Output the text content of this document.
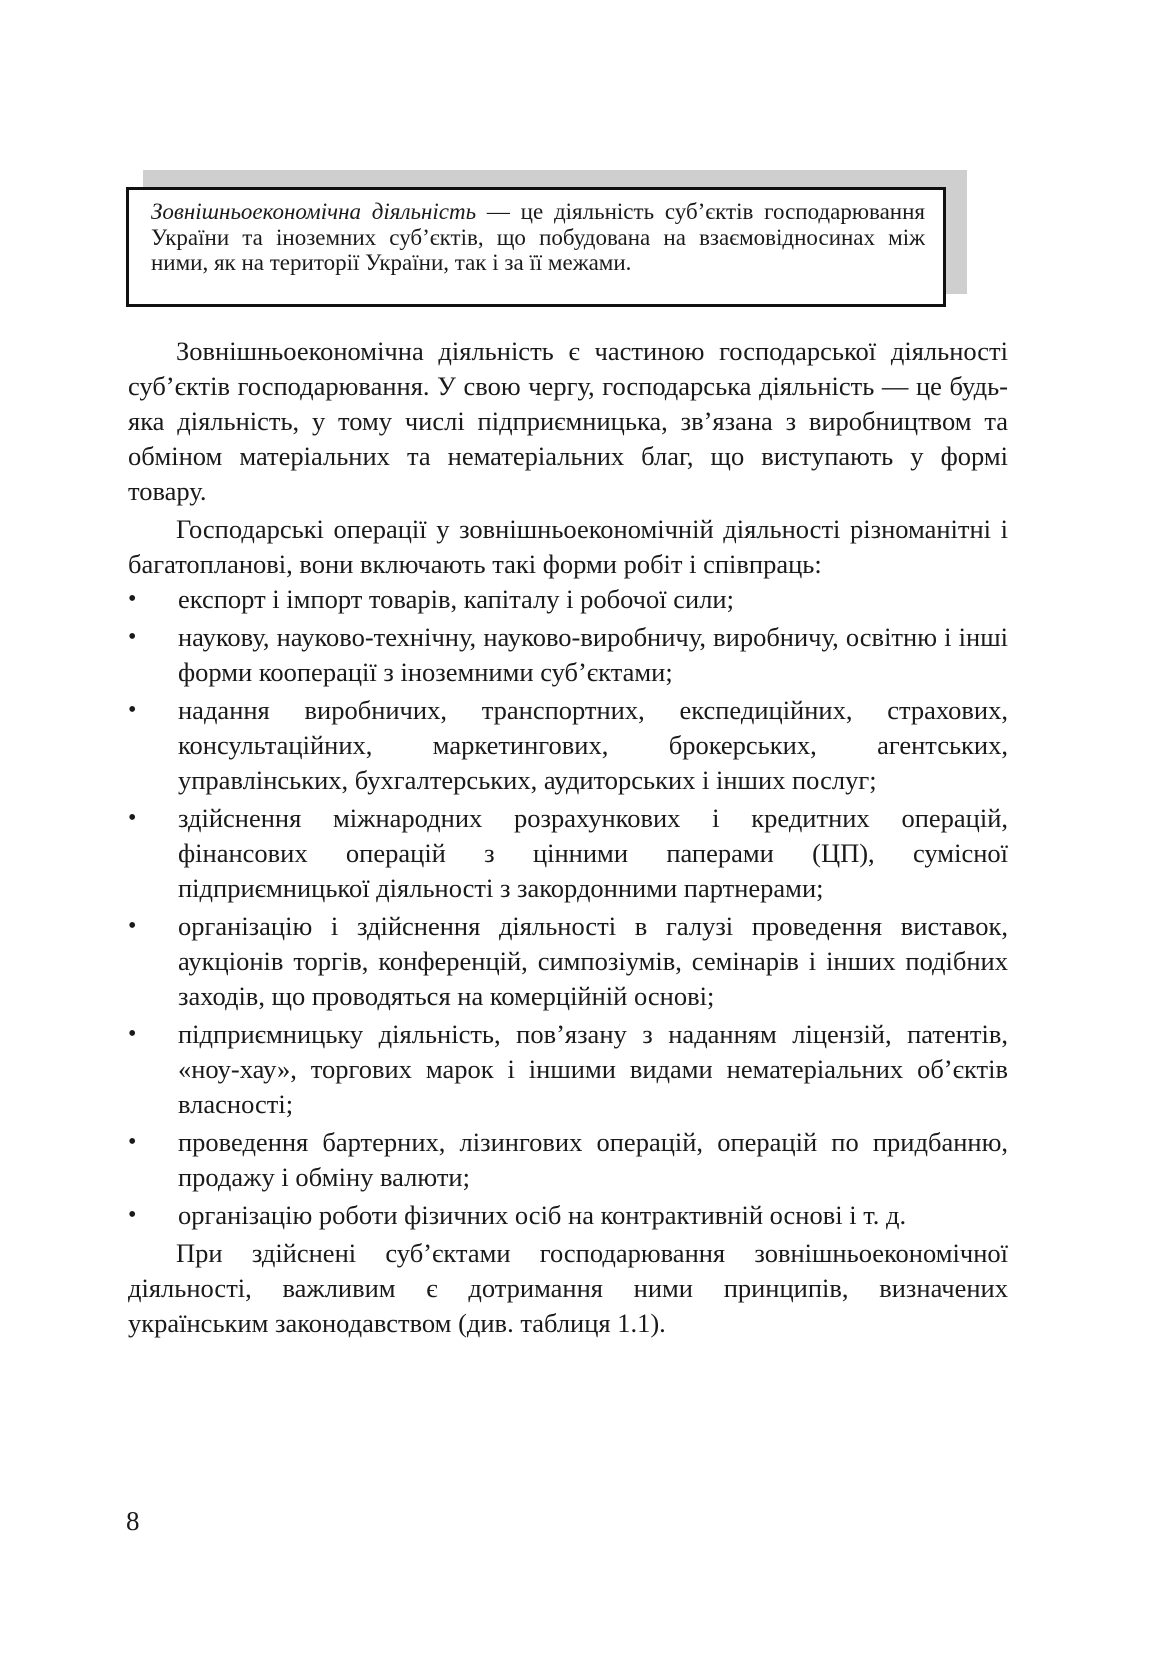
Зовнішньоекономічна діяльність — це діяльність суб’єктів господарювання України та іноземних суб’єктів, що побудована на взаємовідносинах між ними, як на території України, так і за її межами.

Зовнішньоекономічна діяльність є частиною господарської діяльності суб’єктів господарювання. У свою чергу, господарська діяльність — це будь-яка діяльність, у тому числі підприємницька, зв’язана з виробництвом та обміном матеріальних та нематеріальних благ, що виступають у формі товару.

Господарські операції у зовнішньоекономічній діяльності різноманітні і багатопланові, вони включають такі форми робіт і співпраць:

•	експорт і імпорт товарів, капіталу і робочої сили;
•	наукову, науково-технічну, науково-виробничу, виробничу, освітню і інші форми кооперації з іноземними суб’єктами;
•	надання виробничих, транспортних, експедиційних, страхових, консультаційних, маркетингових, брокерських, агентських, управлінських, бухгалтерських, аудиторських і інших послуг;
•	здійснення міжнародних розрахункових і кредитних операцій, фінансових операцій з цінними паперами (ЦП), сумісної підприємницької діяльності з закордонними партнерами;
•	організацію і здійснення діяльності в галузі проведення виставок, аукціонів торгів, конференцій, симпозіумів, семінарів і інших подібних заходів, що проводяться на комерційній основі;
•	підприємницьку діяльність, пов’язану з наданням ліцензій, патентів, «ноу-хау», торгових марок і іншими видами нематеріальних об’єктів власності;
•	проведення бартерних, лізингових операцій, операцій по придбанню, продажу і обміну валюти;
•	організацію роботи фізичних осіб на контрактивній основі і т. д.

При здійснені суб’єктами господарювання зовнішньоекономічної діяльності, важливим є дотримання ними принципів, визначених українським законодавством (див. таблиця 1.1).

8
